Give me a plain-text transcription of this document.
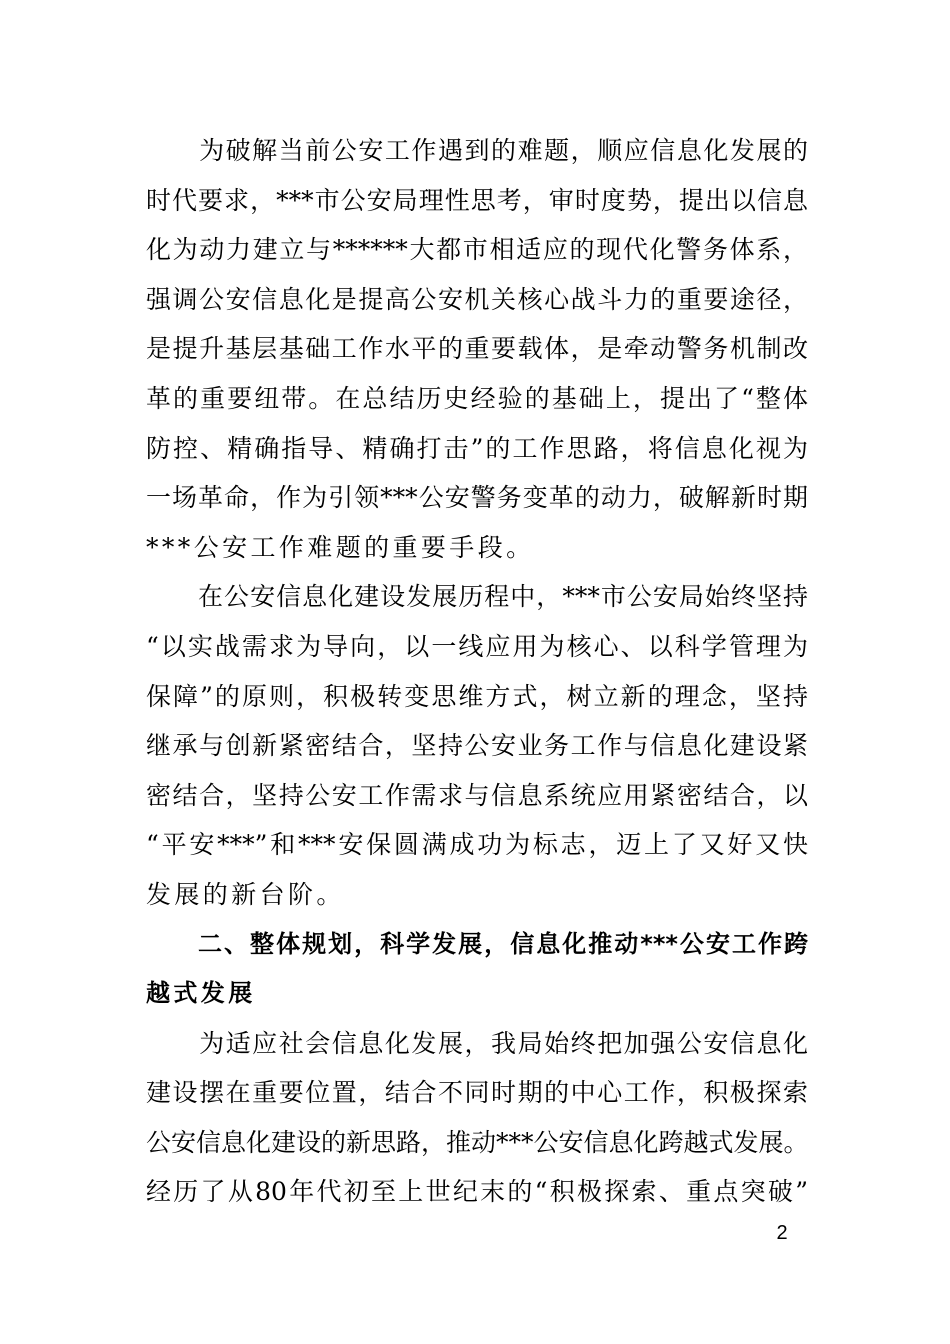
　　为破解当前公安工作遇到的难题，顺应信息化发展的
时代要求，***市公安局理性思考，审时度势，提出以信息
化为动力建立与******大都市相适应的现代化警务体系，
强调公安信息化是提高公安机关核心战斗力的重要途径，
是提升基层基础工作水平的重要载体，是牵动警务机制改
革的重要纽带。在总结历史经验的基础上，提出了“整体
防控、精确指导、精确打击”的工作思路，将信息化视为
一场革命，作为引领***公安警务变革的动力，破解新时期
***公安工作难题的重要手段。
　　在公安信息化建设发展历程中，***市公安局始终坚持
“以实战需求为导向，以一线应用为核心、以科学管理为
保障”的原则，积极转变思维方式，树立新的理念，坚持
继承与创新紧密结合，坚持公安业务工作与信息化建设紧
密结合，坚持公安工作需求与信息系统应用紧密结合，以
“平安***”和***安保圆满成功为标志，迈上了又好又快
发展的新台阶。
　　二、整体规划，科学发展，信息化推动***公安工作跨
越式发展
　　为适应社会信息化发展，我局始终把加强公安信息化
建设摆在重要位置，结合不同时期的中心工作，积极探索
公安信息化建设的新思路，推动***公安信息化跨越式发展。
经历了从80年代初至上世纪末的“积极探索、重点突破”
2
